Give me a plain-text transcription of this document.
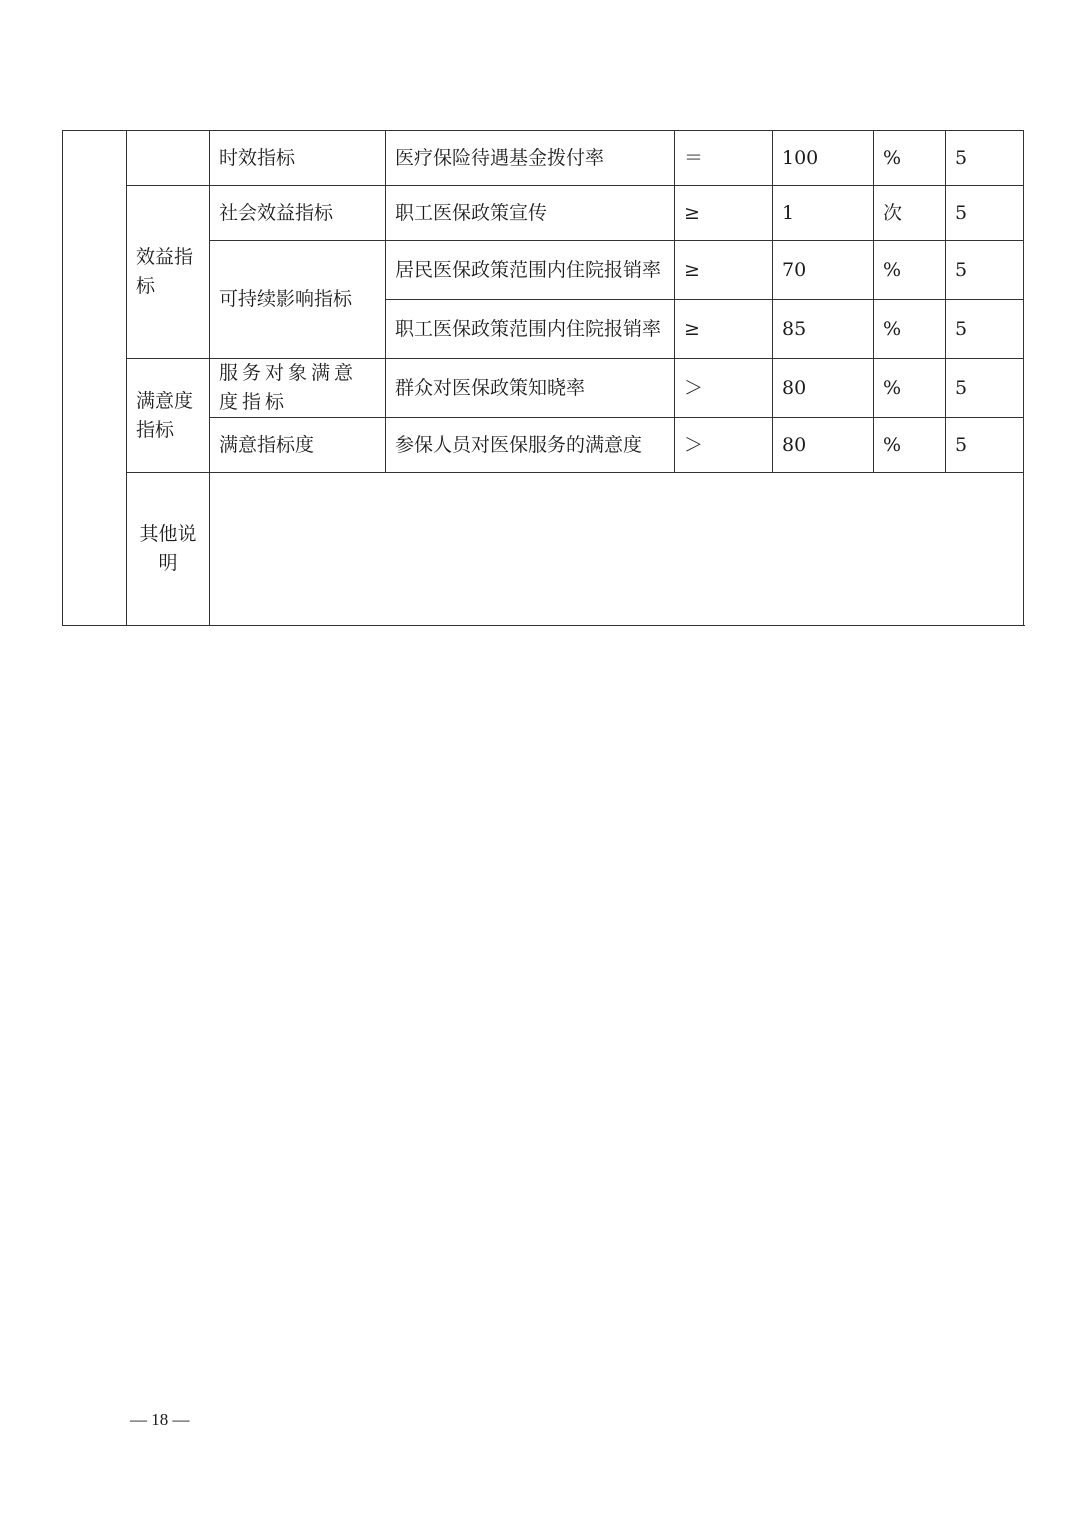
		时效指标	医疗保险待遇基金拨付率	＝	100	%	5
	效益指标	社会效益指标	职工医保政策宣传	≥	1	次	5
		可持续影响指标	居民医保政策范围内住院报销率	≥	70	%	5
			职工医保政策范围内住院报销率	≥	85	%	5
	满意度指标	服务对象满意度指标	群众对医保政策知晓率	＞	80	%	5
		满意指标度	参保人员对医保服务的满意度	＞	80	%	5
	其他说明						
— 18 —
